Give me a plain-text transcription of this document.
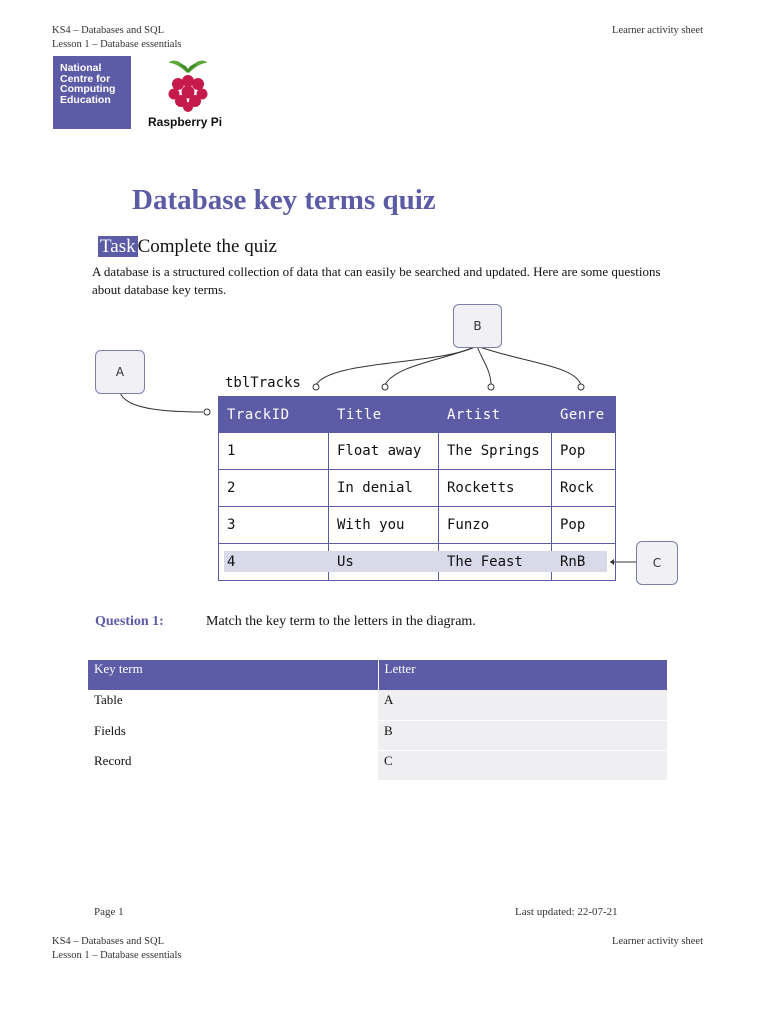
KS4 – Databases and SQL
Lesson 1 – Database essentials
Learner activity sheet
National
Centre for
Computing
Education
Raspberry Pi
Database key terms quiz
Task Complete the quiz
A database is a structured collection of data that can easily be searched and updated. Here are some questions about database key terms.
A
B
C
tblTracks
TrackID	Title	Artist	Genre
1	Float away	The Springs	Pop
2	In denial	Rocketts	Rock
3	With you	Funzo	Pop
4	Us	The Feast	RnB
Question 1:	Match the key term to the letters in the diagram.
Key term	Letter
Table	A
Fields	B
Record	C
Page 1	Last updated: 22-07-21
KS4 – Databases and SQL
Lesson 1 – Database essentials
Learner activity sheet
